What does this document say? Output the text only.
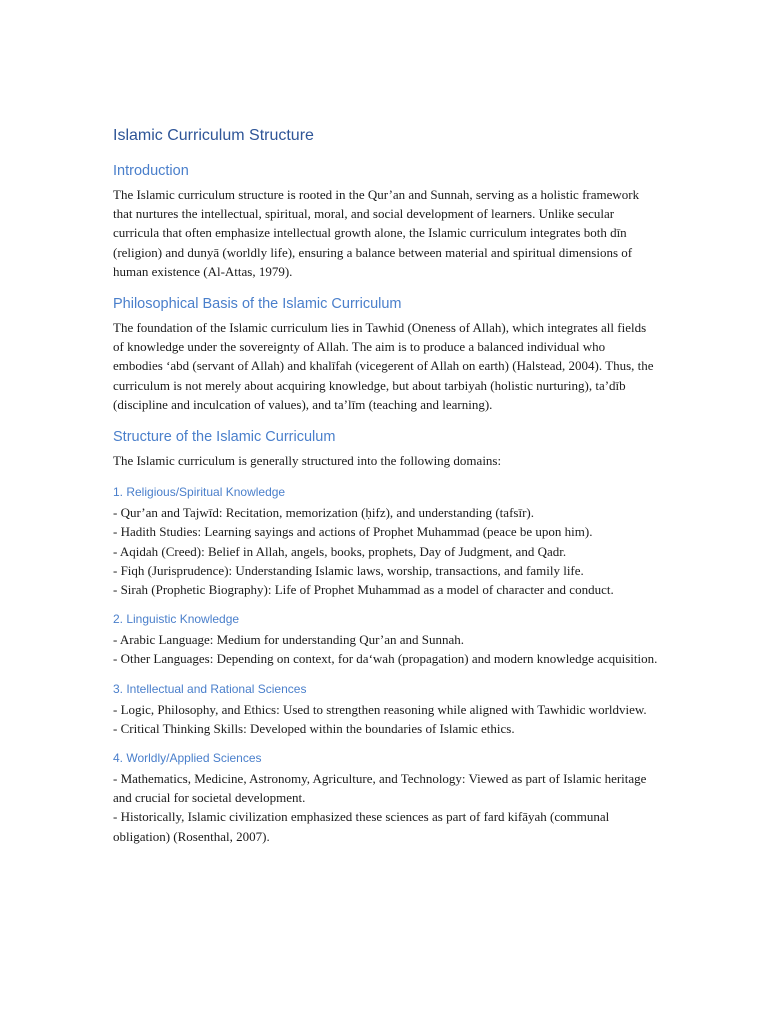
Islamic Curriculum Structure
Introduction

The Islamic curriculum structure is rooted in the Qur’an and Sunnah, serving as a holistic framework that nurtures the intellectual, spiritual, moral, and social development of learners. Unlike secular curricula that often emphasize intellectual growth alone, the Islamic curriculum integrates both dīn (religion) and dunyā (worldly life), ensuring a balance between material and spiritual dimensions of human existence (Al-Attas, 1979).

Philosophical Basis of the Islamic Curriculum

The foundation of the Islamic curriculum lies in Tawhid (Oneness of Allah), which integrates all fields of knowledge under the sovereignty of Allah. The aim is to produce a balanced individual who embodies ‘abd (servant of Allah) and khalīfah (vicegerent of Allah on earth) (Halstead, 2004). Thus, the curriculum is not merely about acquiring knowledge, but about tarbiyah (holistic nurturing), ta’dīb (discipline and inculcation of values), and ta’līm (teaching and learning).

Structure of the Islamic Curriculum

The Islamic curriculum is generally structured into the following domains:

1. Religious/Spiritual Knowledge
- Qur’an and Tajwīd: Recitation, memorization (ḥifz), and understanding (tafsīr).
- Hadith Studies: Learning sayings and actions of Prophet Muhammad (peace be upon him).
- Aqidah (Creed): Belief in Allah, angels, books, prophets, Day of Judgment, and Qadr.
- Fiqh (Jurisprudence): Understanding Islamic laws, worship, transactions, and family life.
- Sirah (Prophetic Biography): Life of Prophet Muhammad as a model of character and conduct.
2. Linguistic Knowledge
- Arabic Language: Medium for understanding Qur’an and Sunnah.
- Other Languages: Depending on context, for da‘wah (propagation) and modern knowledge acquisition.
3. Intellectual and Rational Sciences
- Logic, Philosophy, and Ethics: Used to strengthen reasoning while aligned with Tawhidic worldview.
- Critical Thinking Skills: Developed within the boundaries of Islamic ethics.
4. Worldly/Applied Sciences
- Mathematics, Medicine, Astronomy, Agriculture, and Technology: Viewed as part of Islamic heritage and crucial for societal development.
- Historically, Islamic civilization emphasized these sciences as part of fard kifāyah (communal obligation) (Rosenthal, 2007).
